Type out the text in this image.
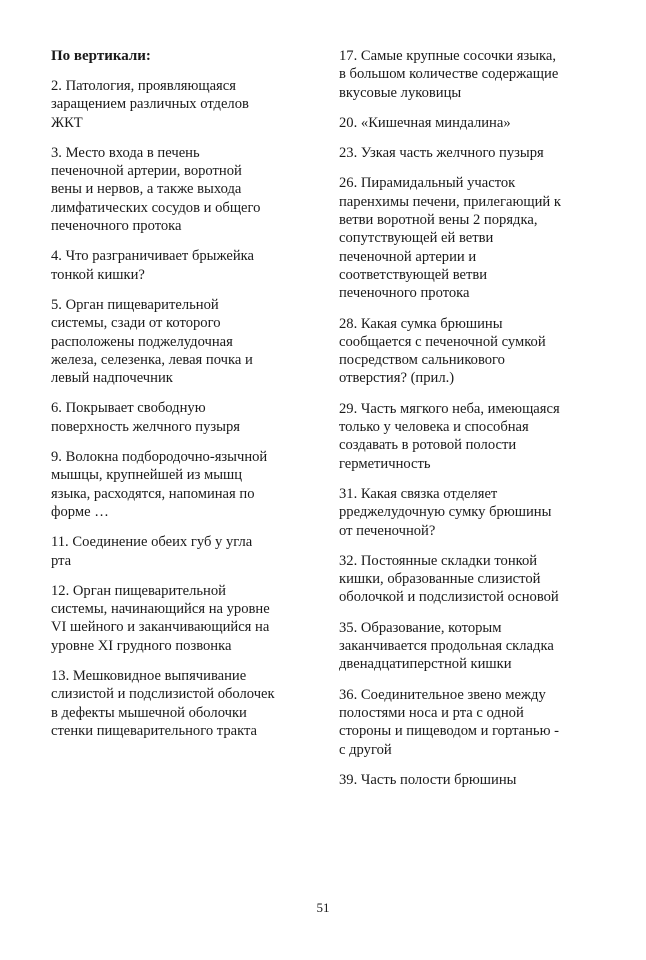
По вертикали:
2. Патология, проявляющаяся
заращением различных отделов
ЖКТ
3. Место входа в печень
печеночной артерии, воротной
вены и нервов, а также выхода
лимфатических сосудов и общего
печеночного протока
4. Что разграничивает брыжейка
тонкой кишки?
5. Орган пищеварительной
системы, сзади от которого
расположены поджелудочная
железа, селезенка, левая почка и
левый надпочечник
6. Покрывает свободную
поверхность желчного пузыря
9. Волокна подбородочно-язычной
мышцы, крупнейшей из мышц
языка, расходятся, напоминая по
форме …
11. Соединение обеих губ у угла
рта
12. Орган пищеварительной
системы, начинающийся на уровне
VI шейного и заканчивающийся на
уровне XI грудного позвонка
13. Мешковидное выпячивание
слизистой и подслизистой оболочек
в дефекты мышечной оболочки
стенки пищеварительного тракта
17. Самые крупные сосочки языка,
в большом количестве содержащие
вкусовые луковицы
20. «Кишечная миндалина»
23. Узкая часть желчного пузыря
26. Пирамидальный участок
паренхимы печени, прилегающий к
ветви воротной вены 2 порядка,
сопутствующей ей ветви
печеночной артерии и
соответствующей ветви
печеночного протока
28. Какая сумка брюшины
сообщается с печеночной сумкой
посредством сальникового
отверстия? (прил.)
29. Часть мягкого неба, имеющаяся
только у человека и способная
создавать в ротовой полости
герметичность
31. Какая связка отделяет
pреджелудочную сумку брюшины
от печеночной?
32. Постоянные складки тонкой
кишки, образованные слизистой
оболочкой и подслизистой основой
35. Образование, которым
заканчивается продольная складка
двенадцатиперстной кишки
36. Соединительное звено между
полостями носа и рта с одной
стороны и пищеводом и гортанью -
с другой
39. Часть полости брюшины
51
